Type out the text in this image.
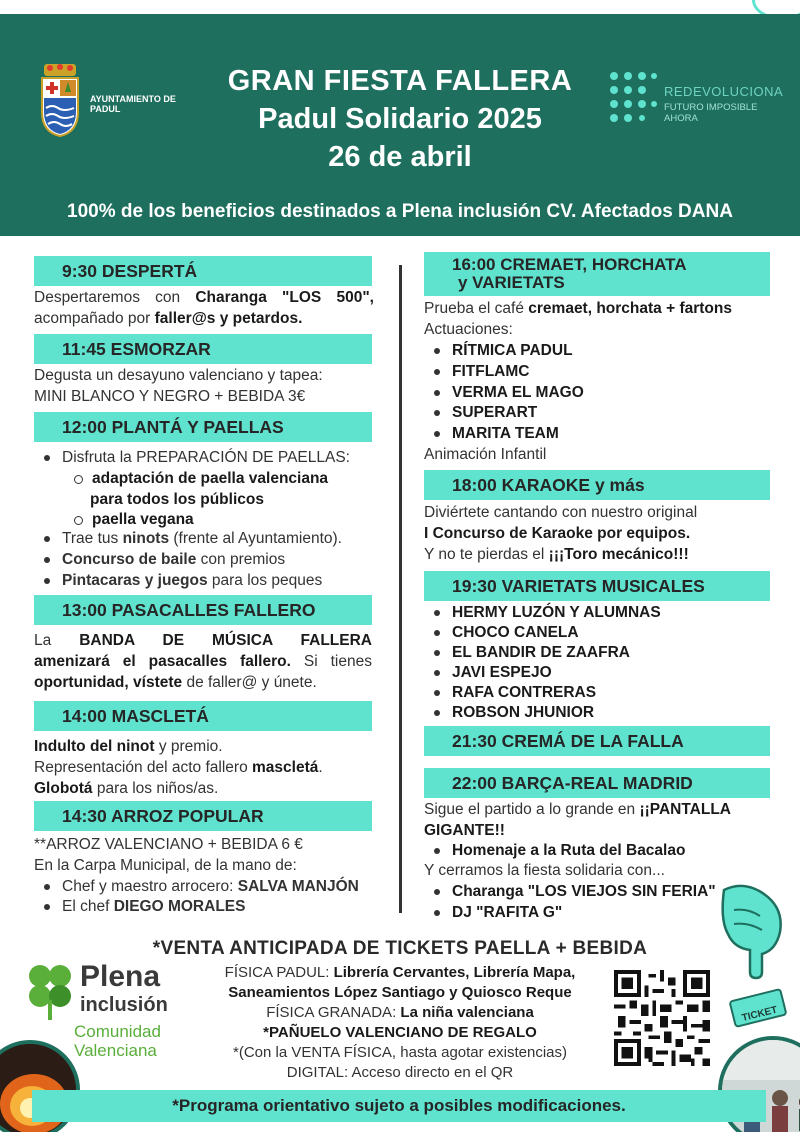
AYUNTAMIENTO DE PADUL
GRAN FIESTA FALLERA
Padul Solidario 2025
26 de abril
REDEVOLUCIONA
FUTURO IMPOSIBLE AHORA
100% de los beneficios destinados a Plena inclusión CV. Afectados DANA
9:30 DESPERTÁ
Despertaremos con Charanga "LOS 500",
acompañado por faller@s y petardos.
11:45 ESMORZAR
Degusta un desayuno valenciano y tapea:
MINI BLANCO Y NEGRO + BEBIDA 3€
12:00 PLANTÁ Y PAELLAS
Disfruta la PREPARACIÓN DE PAELLAS:
adaptación de paella valenciana
para todos los públicos
paella vegana
Trae tus ninots (frente al Ayuntamiento).
Concurso de baile con premios
Pintacaras y juegos para los peques
13:00 PASACALLES FALLERO
La BANDA DE MÚSICA FALLERA
amenizará el pasacalles fallero. Si tienes
oportunidad, vístete de faller@ y únete.
14:00 MASCLETÁ
Indulto del ninot y premio.
Representación del acto fallero mascletá.
Globotá para los niños/as.
14:30 ARROZ POPULAR
**ARROZ VALENCIANO + BEBIDA 6 €
En la Carpa Municipal, de la mano de:
Chef y maestro arrocero: SALVA MANJÓN
El chef DIEGO MORALES
16:00 CREMAET, HORCHATA
y VARIETATS
Prueba el café cremaet, horchata + fartons
Actuaciones:
RÍTMICA PADUL
FITFLAMC
VERMA EL MAGO
SUPERART
MARITA TEAM
Animación Infantil
18:00 KARAOKE y más
Diviértete cantando con nuestro original
I Concurso de Karaoke por equipos.
Y no te pierdas el ¡¡¡Toro mecánico!!!
19:30 VARIETATS MUSICALES
HERMY LUZÓN Y ALUMNAS
CHOCO CANELA
EL BANDIR DE ZAAFRA
JAVI ESPEJO
RAFA CONTRERAS
ROBSON JHUNIOR
21:30 CREMÁ DE LA FALLA
22:00 BARÇA-REAL MADRID
Sigue el partido a lo grande en ¡¡PANTALLA
GIGANTE!!
Homenaje a la Ruta del Bacalao
Y cerramos la fiesta solidaria con...
Charanga "LOS VIEJOS SIN FERIA"
DJ "RAFITA G"
TICKET
*VENTA ANTICIPADA DE TICKETS PAELLA + BEBIDA
FÍSICA PADUL: Librería Cervantes, Librería Mapa,
Saneamientos López Santiago y Quiosco Reque
FÍSICA GRANADA: La niña valenciana
*PAÑUELO VALENCIANO DE REGALO
*(Con la VENTA FÍSICA, hasta agotar existencias)
DIGITAL: Acceso directo en el QR
Plena
inclusión
Comunidad
Valenciana
*Programa orientativo sujeto a posibles modificaciones.
